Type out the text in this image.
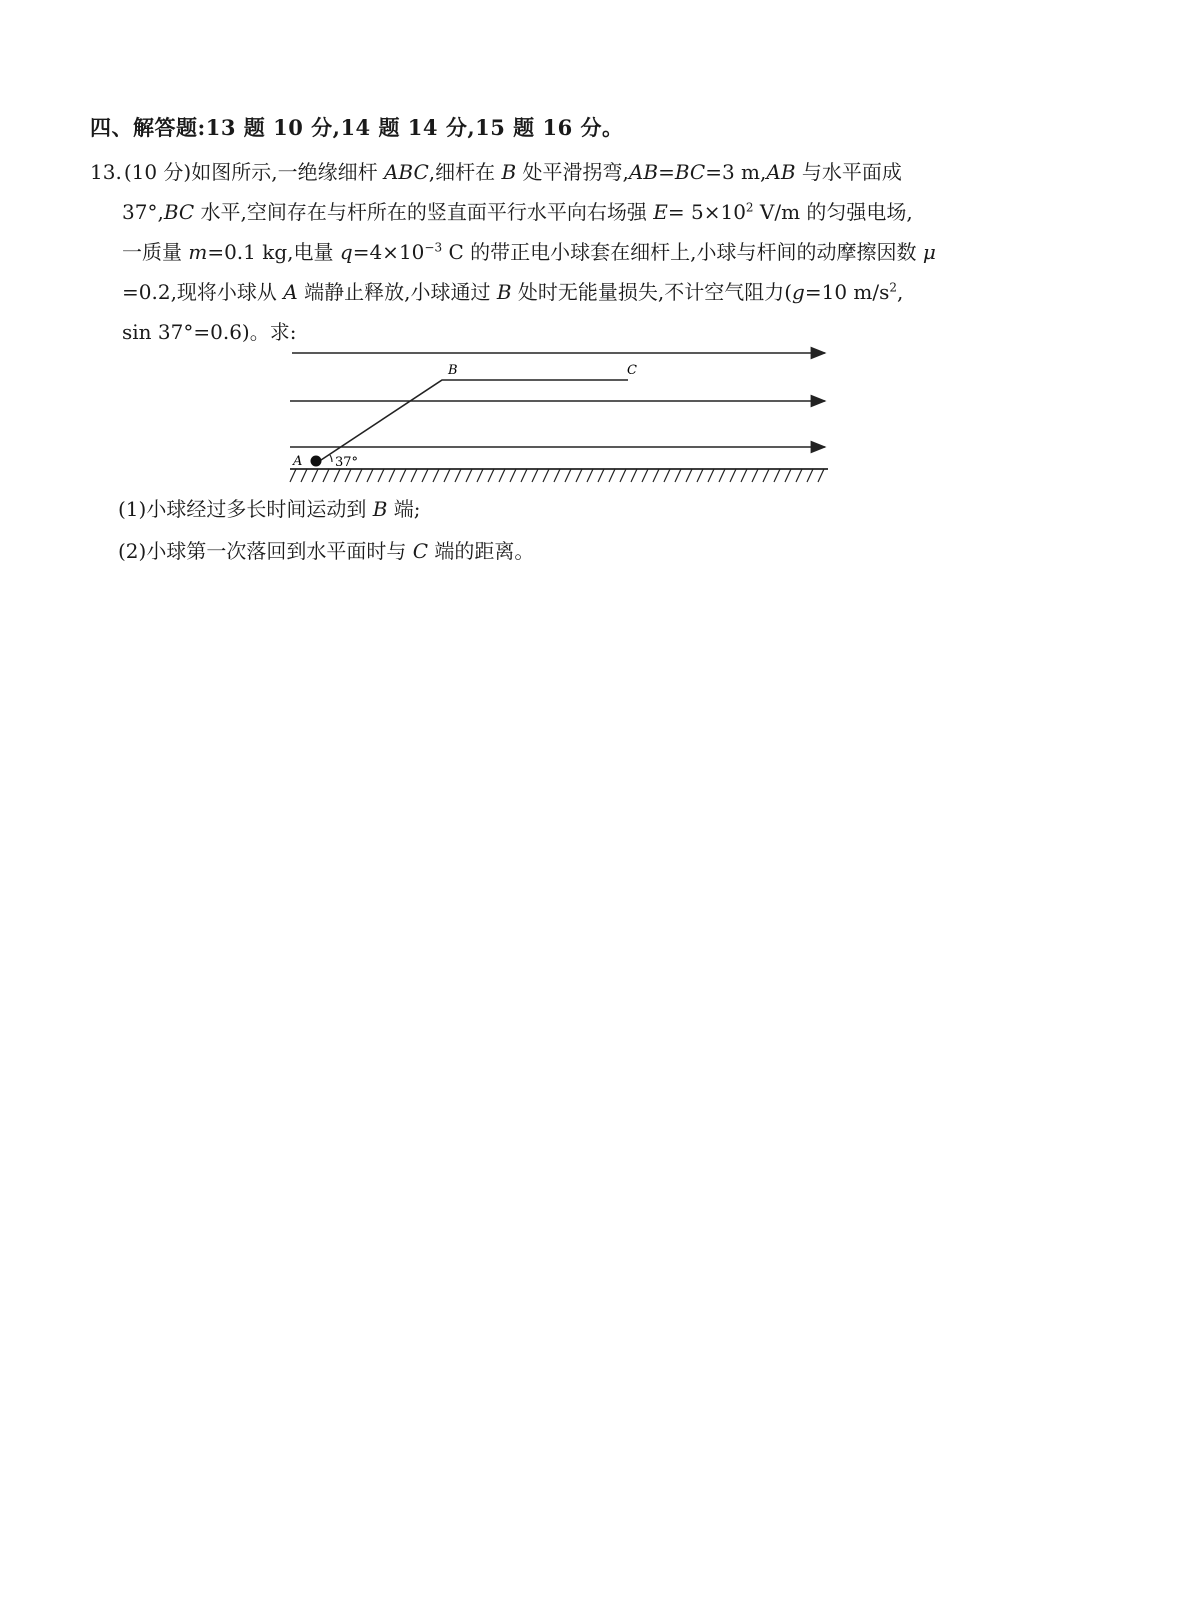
四、解答题:13 题 10 分,14 题 14 分,15 题 16 分。
13. (10 分)如图所示,一绝缘细杆 ABC,细杆在 B 处平滑拐弯,AB=BC=3 m,AB 与水平面成
37°,BC 水平,空间存在与杆所在的竖直面平行水平向右场强 $E= 5\times 10^2$ V/m 的匀强电场,
一质量 m=0.1 kg,电量 $q=4\times 10^{-3}$ C 的带正电小球套在细杆上,小球与杆间的动摩擦因数 μ
=0.2,现将小球从 A 端静止释放,小球通过 B 处时无能量损失,不计空气阻力(g=10 $m/s^2$,
sin 37°=0.6)。求:
A
B	C
37°
(1)小球经过多长时间运动到 B 端;
(2)小球第一次落回到水平面时与 C 端的距离。
